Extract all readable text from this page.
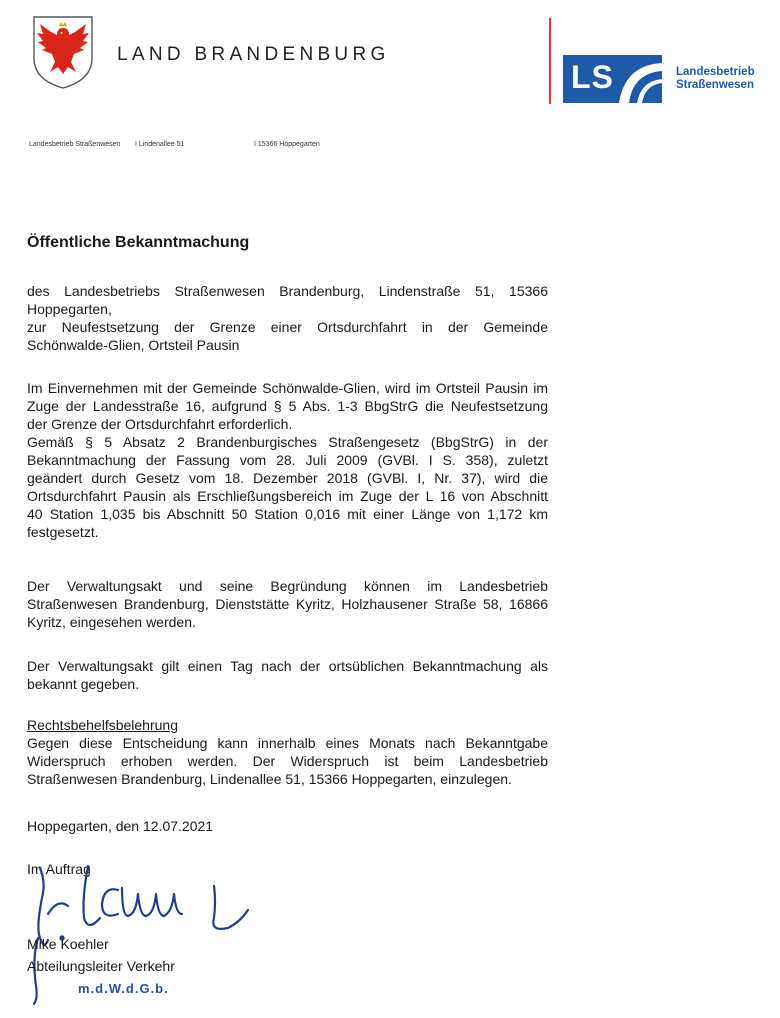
LAND BRANDENBURG
LS	Landesbetrieb
Straßenwesen
Landesbetrieb Straßenwesen I Lindenallee 51	I 15366 Hoppegarten
Öffentliche Bekanntmachung
des Landesbetriebs Straßenwesen Brandenburg, Lindenstraße 51, 15366
Hoppegarten,
zur Neufestsetzung der Grenze einer Ortsdurchfahrt in der Gemeinde
Schönwalde-Glien, Ortsteil Pausin
Im Einvernehmen mit der Gemeinde Schönwalde-Glien, wird im Ortsteil Pausin im
Zuge der Landesstraße 16, aufgrund § 5 Abs. 1-3 BbgStrG die Neufestsetzung
der Grenze der Ortsdurchfahrt erforderlich.
Gemäß § 5 Absatz 2 Brandenburgisches Straßengesetz (BbgStrG) in der
Bekanntmachung der Fassung vom 28. Juli 2009 (GVBl. I S. 358), zuletzt
geändert durch Gesetz vom 18. Dezember 2018 (GVBl. I, Nr. 37), wird die
Ortsdurchfahrt Pausin als Erschließungsbereich im Zuge der L 16 von Abschnitt
40 Station 1,035 bis Abschnitt 50 Station 0,016 mit einer Länge von 1,172 km
festgesetzt.
Der Verwaltungsakt und seine Begründung können im Landesbetrieb
Straßenwesen Brandenburg, Dienststätte Kyritz, Holzhausener Straße 58, 16866
Kyritz, eingesehen werden.
Der Verwaltungsakt gilt einen Tag nach der ortsüblichen Bekanntmachung als
bekannt gegeben.
Rechtsbehelfsbelehrung
Gegen diese Entscheidung kann innerhalb eines Monats nach Bekanntgabe
Widerspruch erhoben werden. Der Widerspruch ist beim Landesbetrieb
Straßenwesen Brandenburg, Lindenallee 51, 15366 Hoppegarten, einzulegen.
Hoppegarten, den 12.07.2021
Im Auftrag
Mike Koehler
Abteilungsleiter Verkehr
m.d.W.d.G.b.
